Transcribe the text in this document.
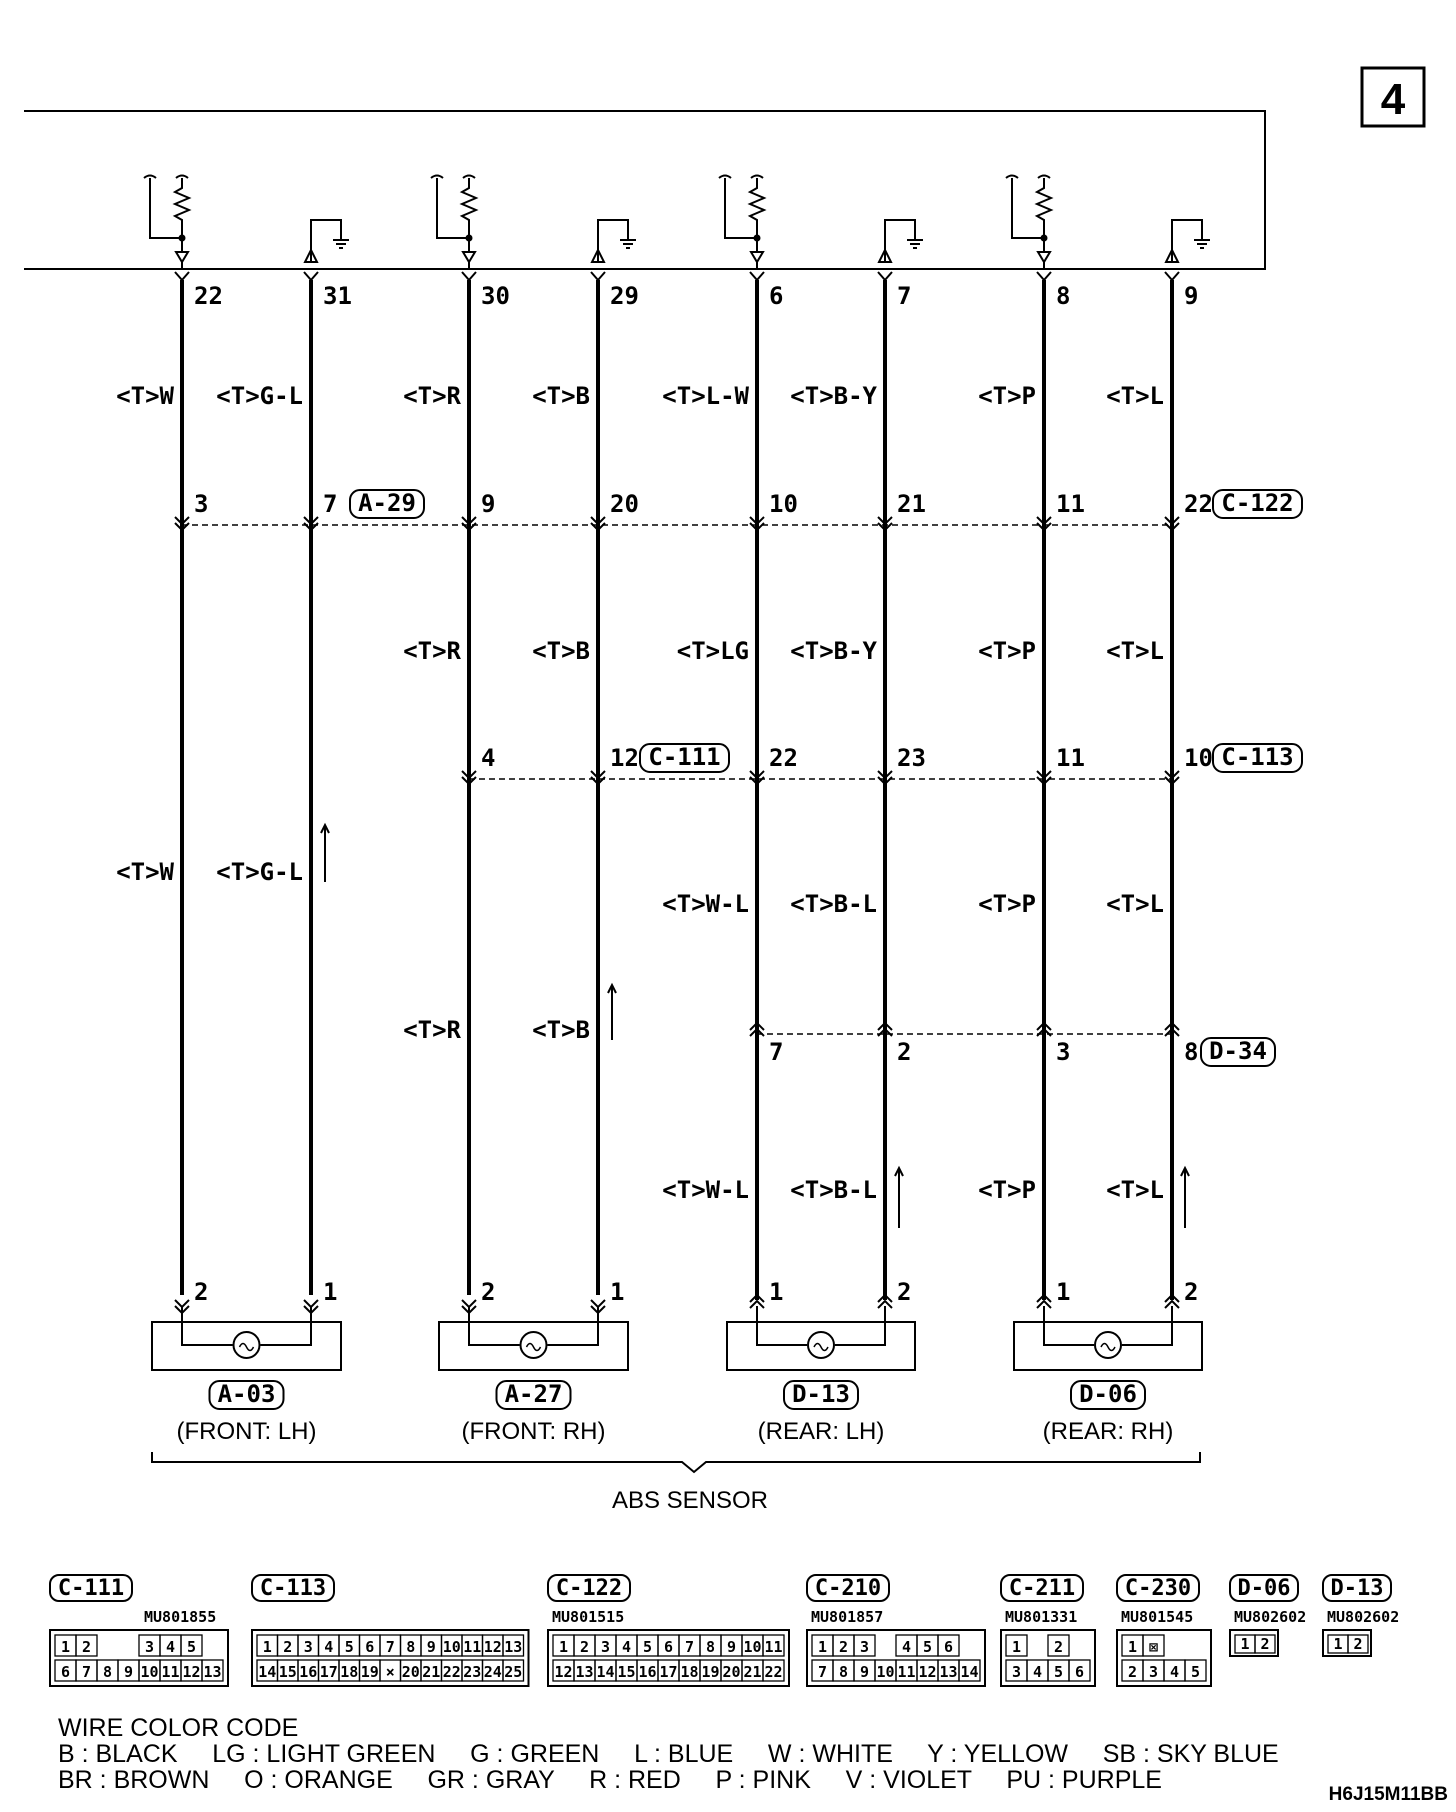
4
22	31	30	29	6	7	8	9
<T>W <T>G-L	<T>R	<T>B	<T>L-W <T>B-Y	<T>P	<T>L
<T>R	<T>B	<T>LG <T>B-Y	<T>P	<T>L
<T>W <T>G-L
<T>R	<T>B
<T>W-L <T>B-L	<T>P	<T>L
<T>W-L <T>B-L	<T>P	<T>L
3	7	9	20	10	21	11	22
A-29	C-122
4	12	22	23	11	10
C-111	C-113
7	2	3	8 D-34
2	1	2	1	1	2	1	2
A-03
(FRONT: LH)
A-27
(FRONT: RH)
D-13
(REAR: LH)
D-06
(REAR: RH)
C-111
MU801855
1 2	3 4 5
6 7 8 9 10 11 12 13
C-113
1 2 3 4 5 6 7 8 9 10 11 12 13
14 15 16 17 18 19 × 20 21 22 23 24 25
C-122
MU801515
1 2 3 4 5 6 7 8 9 10 11
12 13 14 15 16 17 18 19 20 21 22
C-210
MU801857
1 2 3 4 5 6
7 8 9 10 11 12 13 14
C-211
MU801331
1 2
3 4 5 6
C-230
MU801545
1 ⊠
2 3 4 5
D-06
MU802602
1 2
D-13
MU802602
1 2
ABS SENSOR
WIRE COLOR CODE
B : BLACK     LG : LIGHT GREEN     G : GREEN     L : BLUE     W : WHITE     Y : YELLOW     SB : SKY BLUE
BR : BROWN     O : ORANGE     GR : GRAY     R : RED     P : PINK     V : VIOLET     PU : PURPLE
H6J15M11BB
